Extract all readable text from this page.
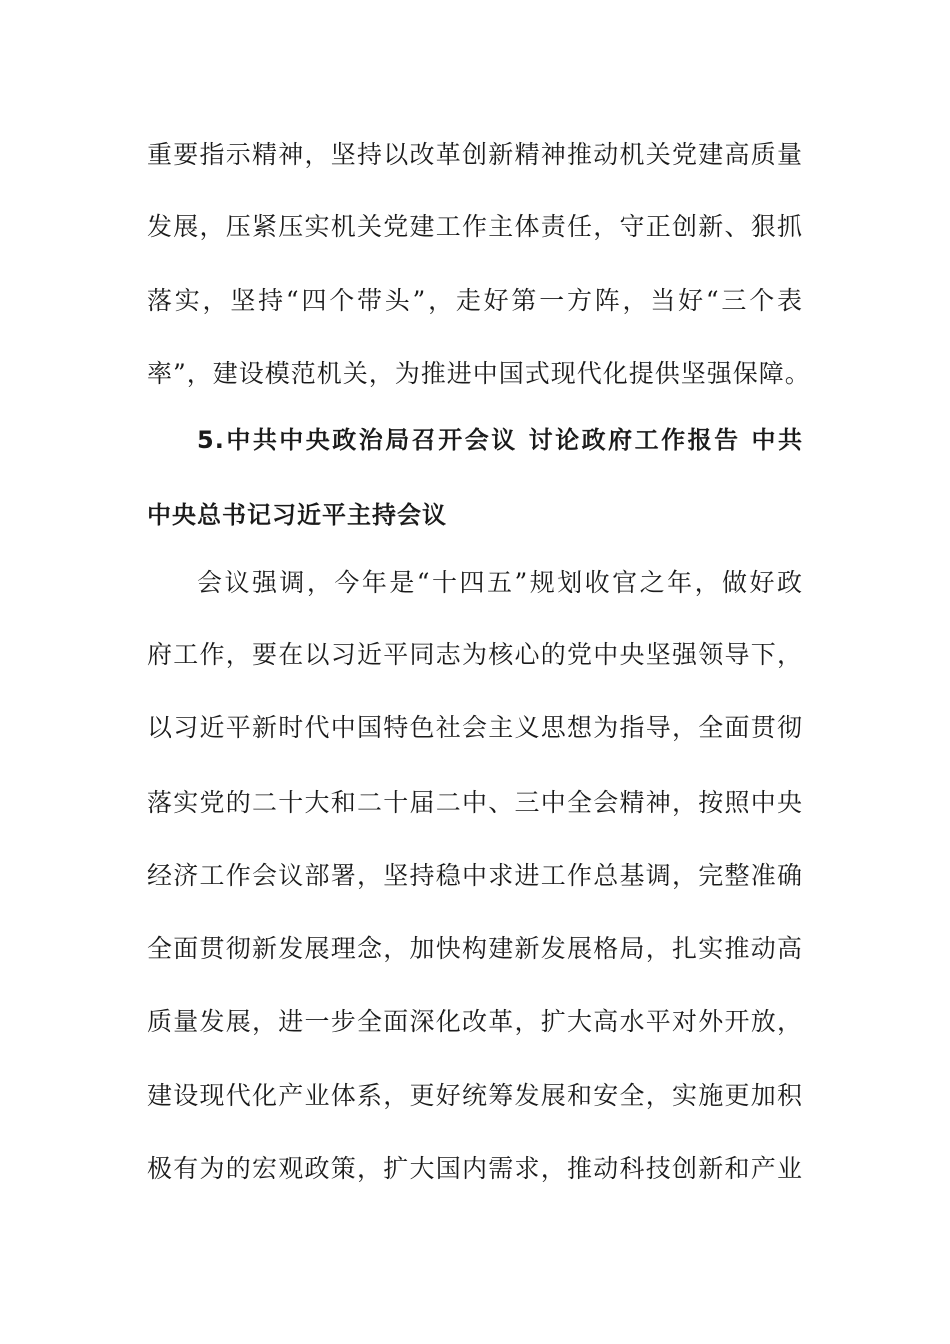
重要指示精神，坚持以改革创新精神推动机关党建高质量
发展，压紧压实机关党建工作主体责任，守正创新、狠抓
落实，坚持“四个带头”，走好第一方阵，当好“三个表
率”，建设模范机关，为推进中国式现代化提供坚强保障。
5.中共中央政治局召开会议 讨论政府工作报告 中共
中央总书记习近平主持会议
会议强调，今年是“十四五”规划收官之年，做好政
府工作，要在以习近平同志为核心的党中央坚强领导下，
以习近平新时代中国特色社会主义思想为指导，全面贯彻
落实党的二十大和二十届二中、三中全会精神，按照中央
经济工作会议部署，坚持稳中求进工作总基调，完整准确
全面贯彻新发展理念，加快构建新发展格局，扎实推动高
质量发展，进一步全面深化改革，扩大高水平对外开放，
建设现代化产业体系，更好统筹发展和安全，实施更加积
极有为的宏观政策，扩大国内需求，推动科技创新和产业
